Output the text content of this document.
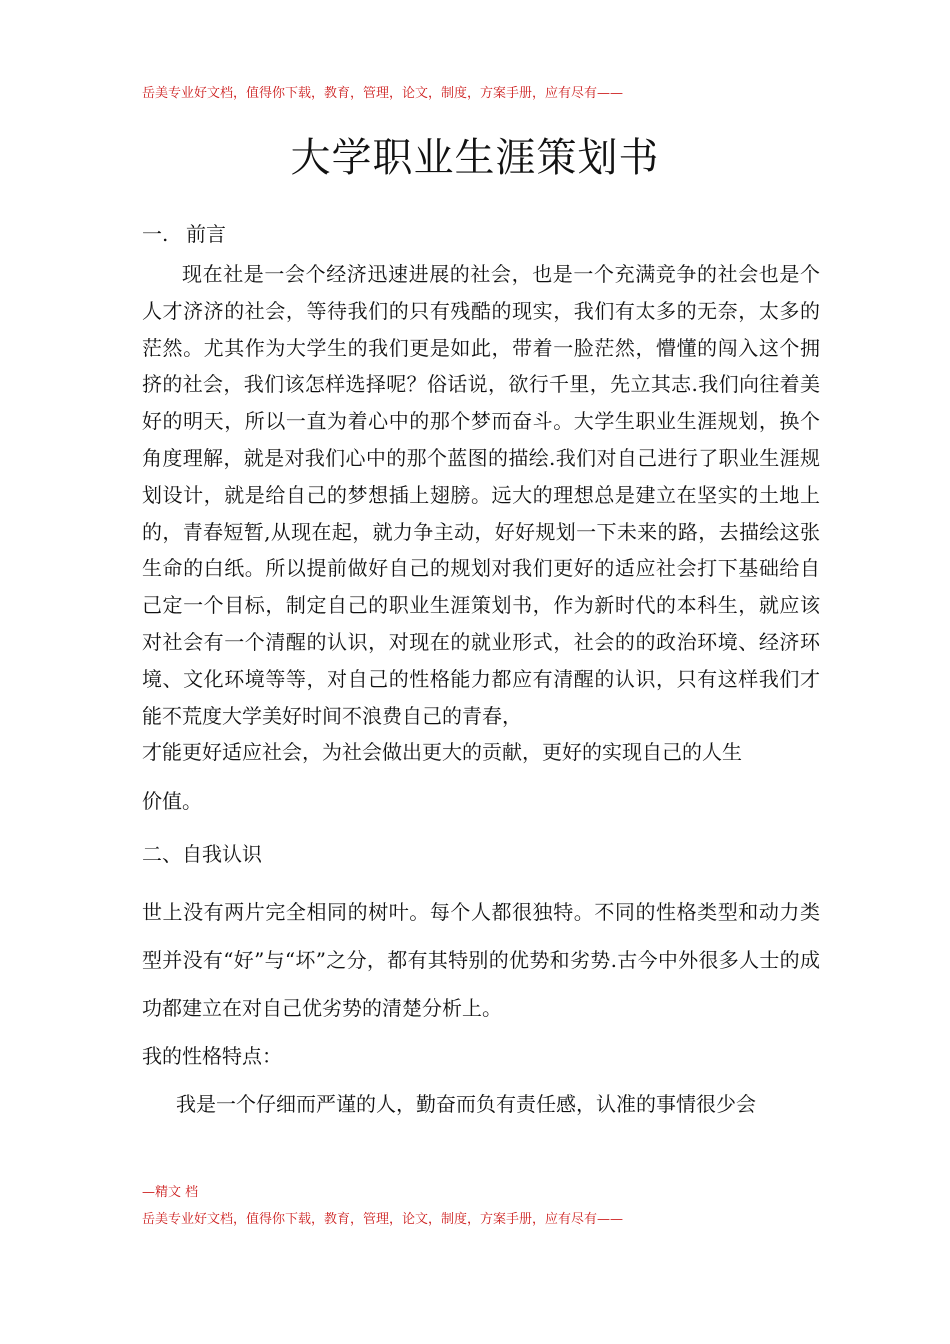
岳美专业好文档，值得你下载，教育，管理，论文，制度，方案手册，应有尽有——
大学职业生涯策划书
一. 前言

现在社是一会个经济迅速进展的社会，也是一个充满竞争的社会也是个人才济济的社会，等待我们的只有残酷的现实，我们有太多的无奈，太多的茫然。尤其作为大学生的我们更是如此，带着一脸茫然，懵懂的闯入这个拥挤的社会，我们该怎样选择呢？俗话说，欲行千里，先立其志.我们向往着美好的明天，所以一直为着心中的那个梦而奋斗。大学生职业生涯规划，换个角度理解，就是对我们心中的那个蓝图的描绘.我们对自己进行了职业生涯规划设计，就是给自己的梦想插上翅膀。远大的理想总是建立在坚实的土地上的，青春短暂,从现在起，就力争主动，好好规划一下未来的路，去描绘这张生命的白纸。所以提前做好自己的规划对我们更好的适应社会打下基础给自己定一个目标，制定自己的职业生涯策划书，作为新时代的本科生，就应该对社会有一个清醒的认识，对现在的就业形式，社会的的政治环境、经济环境、文化环境等等，对自己的性格能力都应有清醒的认识，只有这样我们才能不荒度大学美好时间不浪费自己的青春，

才能更好适应社会，为社会做出更大的贡献，更好的实现自己的人生

价值。

二、自我认识

世上没有两片完全相同的树叶。每个人都很独特。不同的性格类型和动力类型并没有“好”与“坏”之分，都有其特别的优势和劣势.古今中外很多人士的成功都建立在对自己优劣势的清楚分析上。

我的性格特点：

我是一个仔细而严谨的人，勤奋而负有责任感，认准的事情很少会

—精文 档
岳美专业好文档，值得你下载，教育，管理，论文，制度，方案手册，应有尽有——
